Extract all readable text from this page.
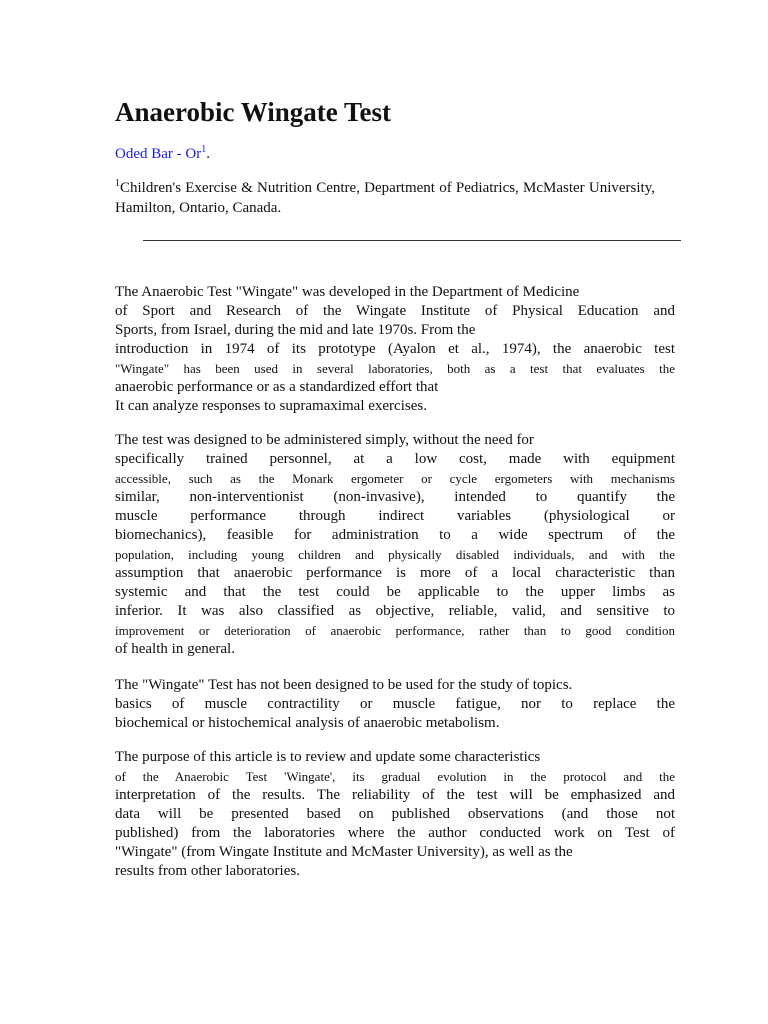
Anaerobic Wingate Test
Oded Bar - Or$^1$.
$^1$Children's Exercise & Nutrition Centre, Department of Pediatrics, McMaster University, Hamilton, Ontario, Canada.
The Anaerobic Test "Wingate" was developed in the Department of Medicine
of Sport and Research of the Wingate Institute of Physical Education and
Sports, from Israel, during the mid and late 1970s. From the
introduction in 1974 of its prototype (Ayalon et al., 1974), the anaerobic test
"Wingate" has been used in several laboratories, both as a test that evaluates the
anaerobic performance or as a standardized effort that
It can analyze responses to supramaximal exercises.
The test was designed to be administered simply, without the need for
specifically trained personnel, at a low cost, made with equipment
accessible, such as the Monark ergometer or cycle ergometers with mechanisms
similar, non-interventionist (non-invasive), intended to quantify the
muscle performance through indirect variables (physiological or
biomechanics), feasible for administration to a wide spectrum of the
population, including young children and physically disabled individuals, and with the
assumption that anaerobic performance is more of a local characteristic than
systemic and that the test could be applicable to the upper limbs as
inferior. It was also classified as objective, reliable, valid, and sensitive to
improvement or deterioration of anaerobic performance, rather than to good condition
of health in general.
The "Wingate" Test has not been designed to be used for the study of topics.
basics of muscle contractility or muscle fatigue, nor to replace the
biochemical or histochemical analysis of anaerobic metabolism.
The purpose of this article is to review and update some characteristics
of the Anaerobic Test 'Wingate', its gradual evolution in the protocol and the
interpretation of the results. The reliability of the test will be emphasized and
data will be presented based on published observations (and those not
published) from the laboratories where the author conducted work on Test of
"Wingate" (from Wingate Institute and McMaster University), as well as the
results from other laboratories.
